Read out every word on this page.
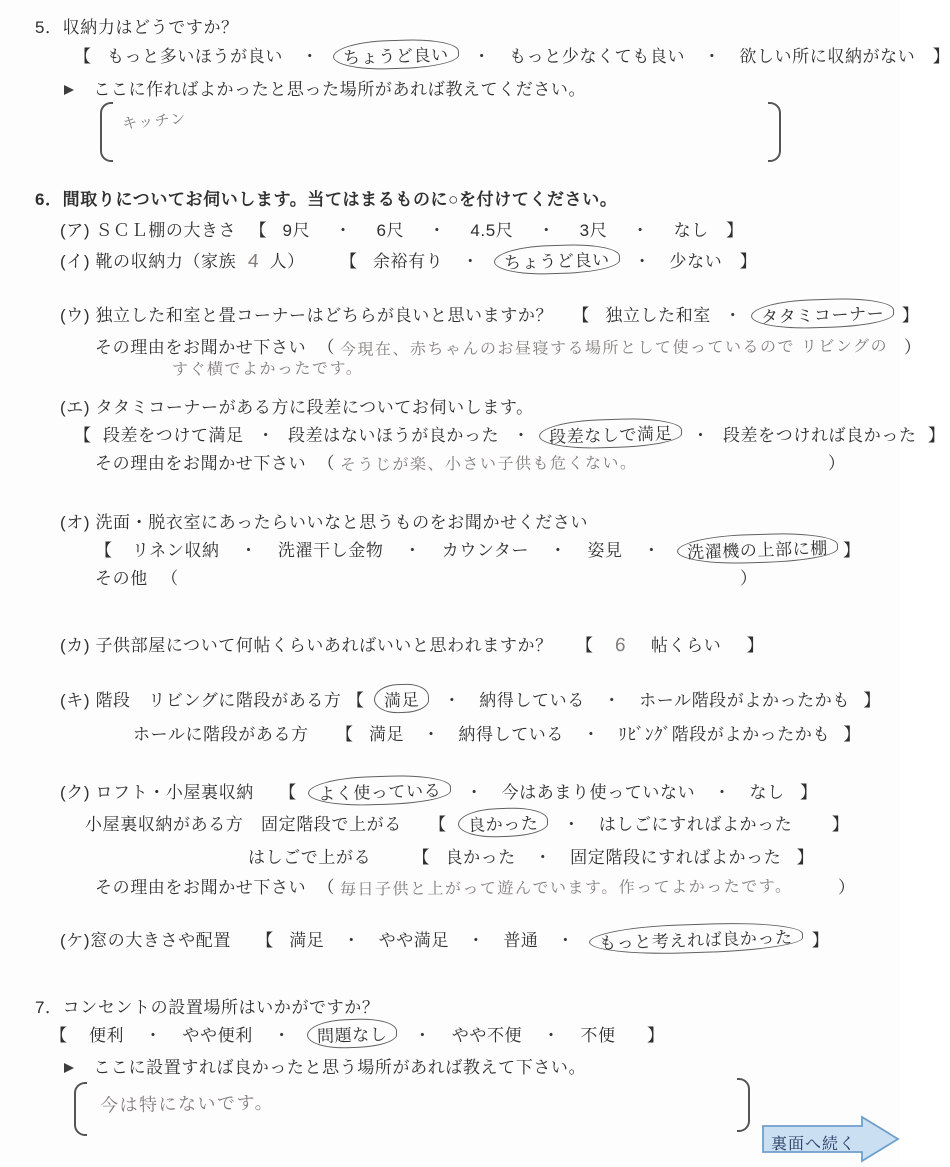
5．収納力はどうですか？
【 もっと多いほうが良い ・ ちょうど良い ・ もっと少なくても良い ・ 欲しい所に収納がない 】
ここに作ればよかったと思った場所があれば教えてください。
キッチン
6．間取りについてお伺いします。当てはまるものに○を付けてください。
(ア) ＳＣＬ棚の大きさ 【 9尺 ・ 6尺 ・ 4.5尺 ・ 3尺 ・ なし 】
(イ) 靴の収納力（家族 4 人） 【 余裕有り ・ ちょうど良い ・ 少ない 】
(ウ) 独立した和室と畳コーナーはどちらが良いと思いますか？ 【 独立した和室 ・ タタミコーナー 】
その理由をお聞かせ下さい （ 今現在、赤ちゃんのお昼寝する場所として使っているので リビングの ）
すぐ横でよかったです。
(エ) タタミコーナーがある方に段差についてお伺いします。
【 段差をつけて満足 ・ 段差はないほうが良かった ・ 段差なしで満足 ・ 段差をつければ良かった 】
その理由をお聞かせ下さい （ そうじが楽、小さい子供も危くない。	）
(オ) 洗面・脱衣室にあったらいいなと思うものをお聞かせください
【 リネン収納 ・ 洗濯干し金物 ・ カウンター ・ 姿見 ・ 洗濯機の上部に棚 】
その他 （	）
(カ) 子供部屋について何帖くらいあればいいと思われますか？ 【 6 帖くらい 】
(キ) 階段　リビングに階段がある方 【 満足 ・ 納得している ・ ホール階段がよかったかも 】
ホールに階段がある方 【 満足 ・ 納得している ・ ﾘﾋﾞﾝｸﾞ階段がよかったかも 】
(ク) ロフト・小屋裏収納 【 よく使っている ・ 今はあまり使っていない ・ なし 】
小屋裏収納がある方　固定階段で上がる 【 良かった ・ はしごにすればよかった 】
はしごで上がる 【 良かった ・ 固定階段にすればよかった 】
その理由をお聞かせ下さい （ 毎日子供と上がって遊んでいます。作ってよかったです。	）
(ケ)窓の大きさや配置 【 満足 ・ やや満足 ・ 普通 ・ もっと考えれば良かった 】
7．コンセントの設置場所はいかがですか？
【 便利 ・ やや便利 ・ 問題なし ・ やや不便 ・ 不便 】
ここに設置すれば良かったと思う場所があれば教えて下さい。
今は特にないです。
裏面へ続く
